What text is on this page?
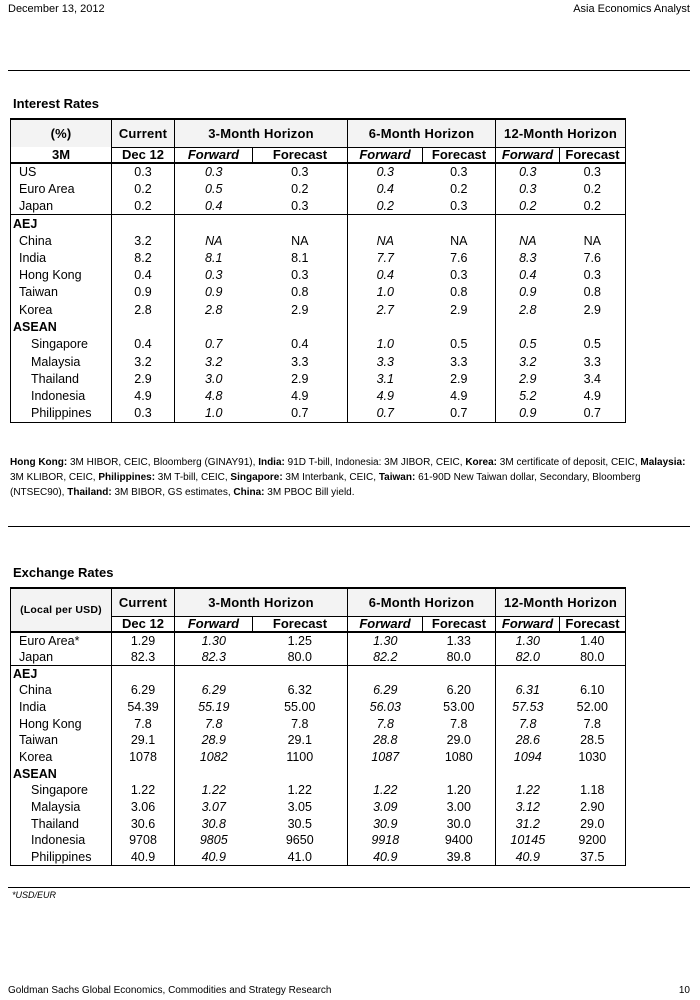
December 13, 2012	Asia Economics Analyst
Interest Rates
(%)	Current	3-Month Horizon		6-Month Horizon		12-Month Horizon	
3M	Dec 12	Forward	Forecast	Forward	Forecast	Forward	Forecast
US	0.3	0.3	0.3	0.3	0.3	0.3	0.3
Euro Area	0.2	0.5	0.2	0.4	0.2	0.3	0.2
Japan	0.2	0.4	0.3	0.2	0.3	0.2	0.2
AEJ							
China	3.2	NA	NA	NA	NA	NA	NA
India	8.2	8.1	8.1	7.7	7.6	8.3	7.6
Hong Kong	0.4	0.3	0.3	0.4	0.3	0.4	0.3
Taiwan	0.9	0.9	0.8	1.0	0.8	0.9	0.8
Korea	2.8	2.8	2.9	2.7	2.9	2.8	2.9
ASEAN							
Singapore	0.4	0.7	0.4	1.0	0.5	0.5	0.5
Malaysia	3.2	3.2	3.3	3.3	3.3	3.2	3.3
Thailand	2.9	3.0	2.9	3.1	2.9	2.9	3.4
Indonesia	4.9	4.8	4.9	4.9	4.9	5.2	4.9
Philippines	0.3	1.0	0.7	0.7	0.7	0.9	0.7
Hong Kong: 3M HIBOR, CEIC, Bloomberg (GINAY91), India: 91D T-bill, Indonesia: 3M JIBOR, CEIC, Korea: 3M certificate of deposit, CEIC, Malaysia: 3M KLIBOR, CEIC, Philippines: 3M T-bill, CEIC, Singapore: 3M Interbank, CEIC, Taiwan: 61-90D New Taiwan dollar, Secondary, Bloomberg (NTSEC90), Thailand: 3M BIBOR, GS estimates, China: 3M PBOC Bill yield.
Exchange Rates
(Local per USD)	Current	3-Month Horizon		6-Month Horizon		12-Month Horizon	
	Dec 12	Forward	Forecast	Forward	Forecast	Forward	Forecast
Euro Area*	1.29	1.30	1.25	1.30	1.33	1.30	1.40
Japan	82.3	82.3	80.0	82.2	80.0	82.0	80.0
AEJ							
China	6.29	6.29	6.32	6.29	6.20	6.31	6.10
India	54.39	55.19	55.00	56.03	53.00	57.53	52.00
Hong Kong	7.8	7.8	7.8	7.8	7.8	7.8	7.8
Taiwan	29.1	28.9	29.1	28.8	29.0	28.6	28.5
Korea	1078	1082	1100	1087	1080	1094	1030
ASEAN							
Singapore	1.22	1.22	1.22	1.22	1.20	1.22	1.18
Malaysia	3.06	3.07	3.05	3.09	3.00	3.12	2.90
Thailand	30.6	30.8	30.5	30.9	30.0	31.2	29.0
Indonesia	9708	9805	9650	9918	9400	10145	9200
Philippines	40.9	40.9	41.0	40.9	39.8	40.9	37.5
*USD/EUR
Goldman Sachs Global Economics, Commodities and Strategy Research	10
